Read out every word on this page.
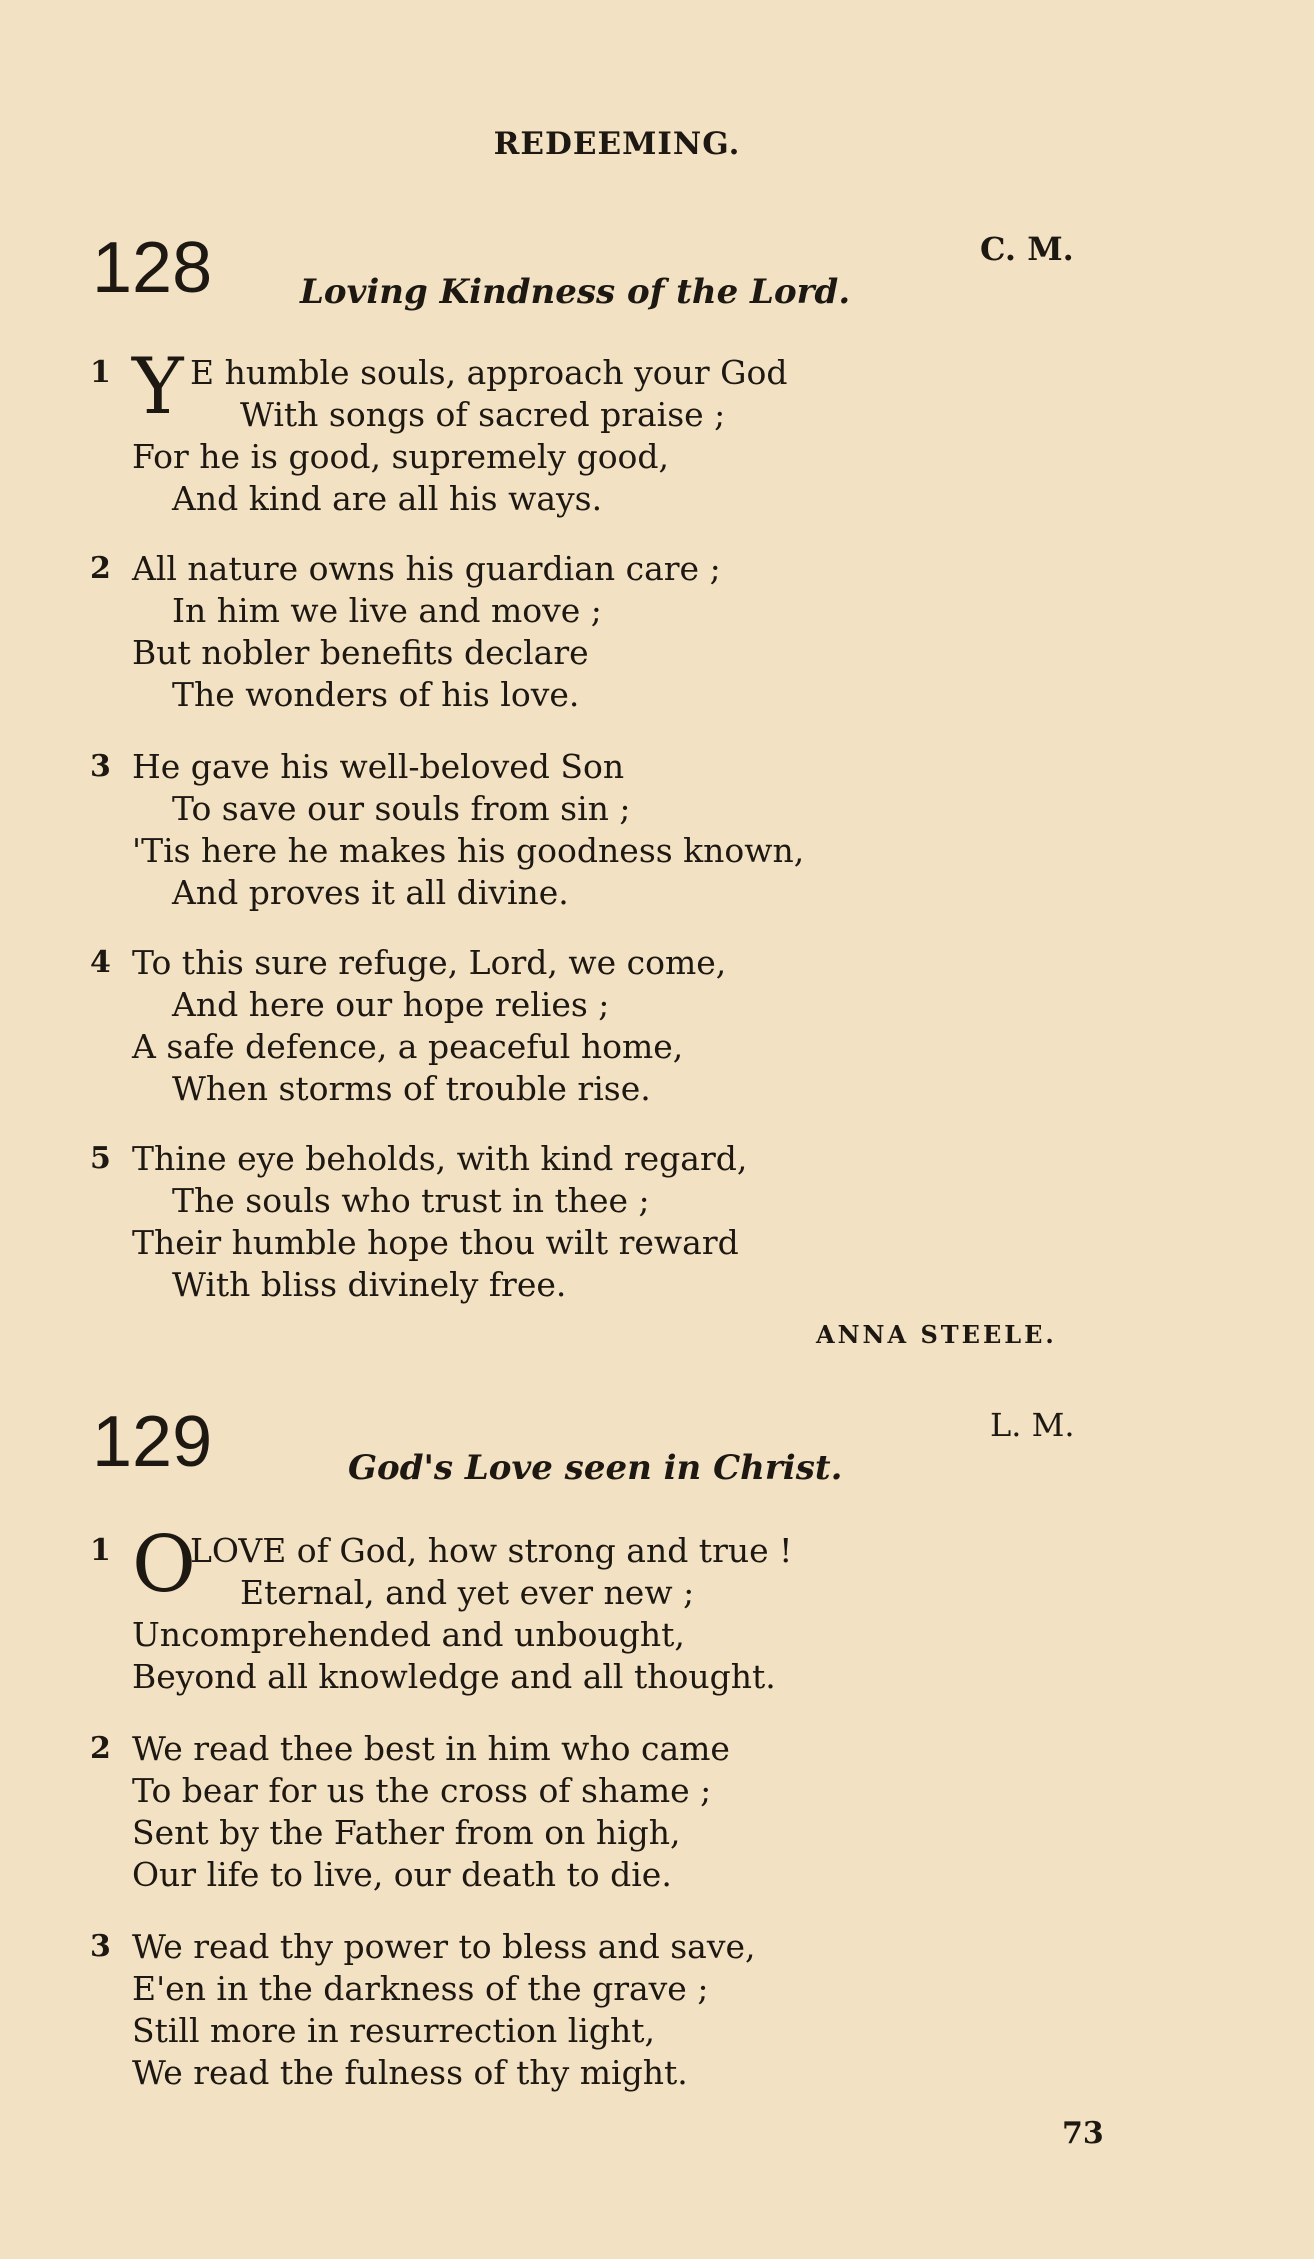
REDEEMING.
128	C. M.
Loving Kindness of the Lord.
1 Y E humble souls, approach your God
With songs of sacred praise ;
For he is good, supremely good,
And kind are all his ways.
2 All nature owns his guardian care ;
In him we live and move ;
But nobler benefits declare
The wonders of his love.
3 He gave his well-beloved Son
To save our souls from sin ;
'Tis here he makes his goodness known,
And proves it all divine.
4 To this sure refuge, Lord, we come,
And here our hope relies ;
A safe defence, a peaceful home,
When storms of trouble rise.
5 Thine eye beholds, with kind regard,
The souls who trust in thee ;
Their humble hope thou wilt reward
With bliss divinely free.
ANNA STEELE.
129	L. M.
God's Love seen in Christ.
1 O
LOVE of God, how strong and true !
Eternal, and yet ever new ;
Uncomprehended and unbought,
Beyond all knowledge and all thought.
2 We read thee best in him who came
To bear for us the cross of shame ;
Sent by the Father from on high,
Our life to live, our death to die.
3 We read thy power to bless and save,
E'en in the darkness of the grave ;
Still more in resurrection light,
We read the fulness of thy might.
73
